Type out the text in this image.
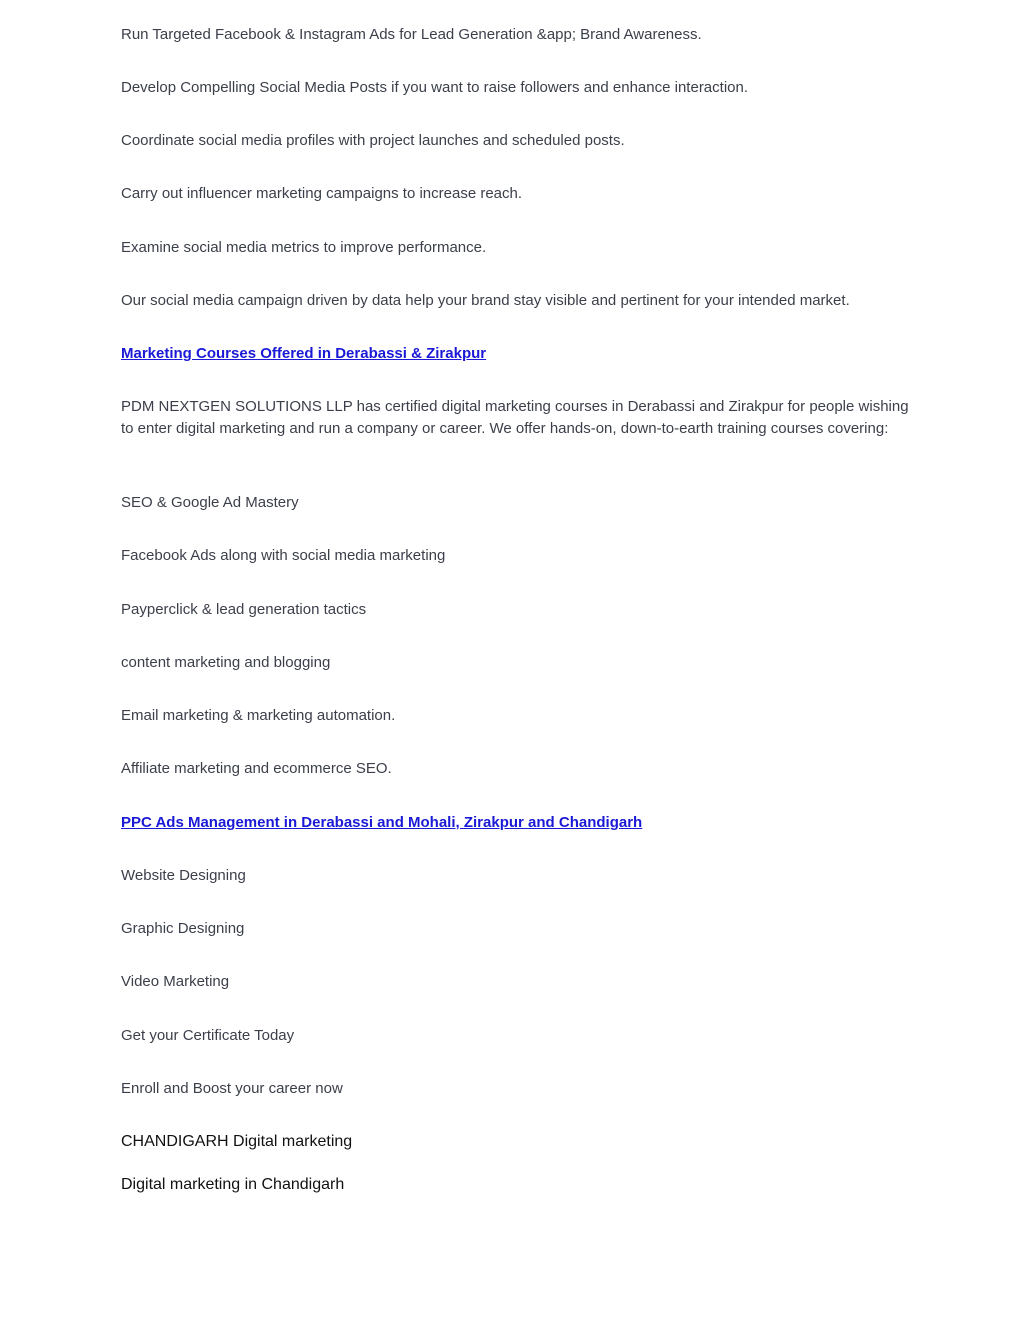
Run Targeted Facebook & Instagram Ads for Lead Generation &app; Brand Awareness.

Develop Compelling Social Media Posts if you want to raise followers and enhance interaction.

Coordinate social media profiles with project launches and scheduled posts.

Carry out influencer marketing campaigns to increase reach.

Examine social media metrics to improve performance.

Our social media campaign driven by data help your brand stay visible and pertinent for your intended market.

Marketing Courses Offered in Derabassi & Zirakpur

PDM NEXTGEN SOLUTIONS LLP has certified digital marketing courses in Derabassi and Zirakpur for people wishing to enter digital marketing and run a company or career. We offer hands-on, down-to-earth training courses covering:

SEO & Google Ad Mastery

Facebook Ads along with social media marketing

Payperclick & lead generation tactics

content marketing and blogging

Email marketing & marketing automation.

Affiliate marketing and ecommerce SEO.

PPC Ads Management in Derabassi and Mohali, Zirakpur and Chandigarh

Website Designing

Graphic Designing

Video Marketing

Get your Certificate Today

Enroll and Boost your career now

CHANDIGARH Digital marketing

Digital marketing in Chandigarh
